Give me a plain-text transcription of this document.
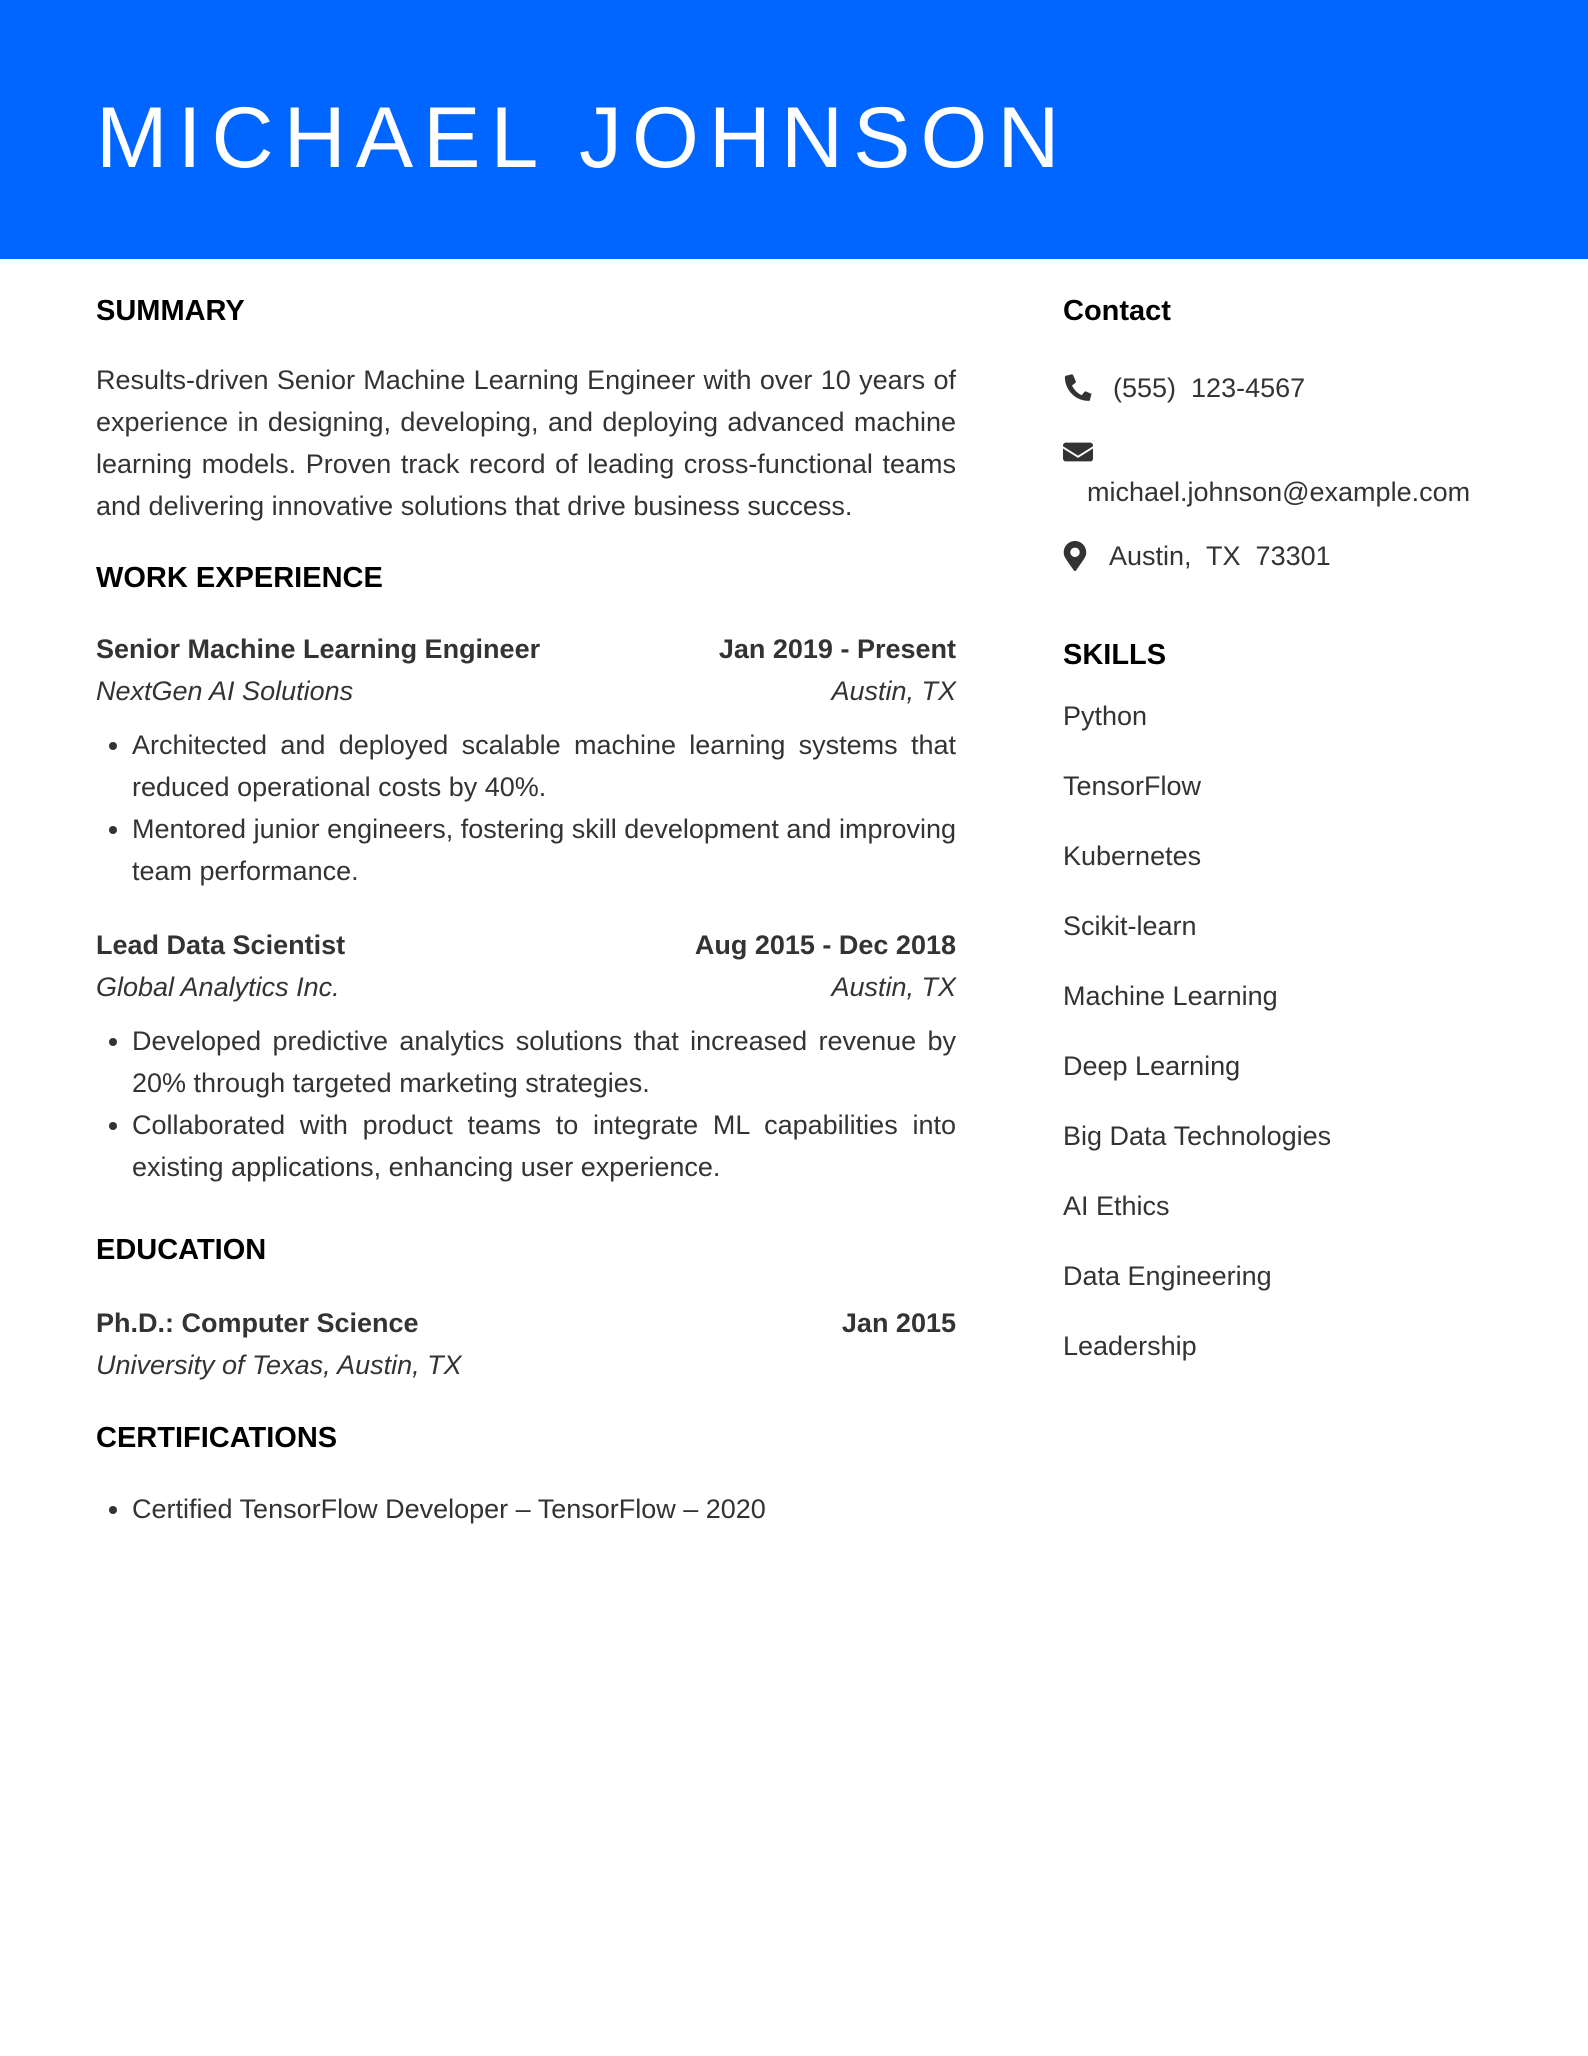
MICHAEL JOHNSON
SUMMARY
Results-driven Senior Machine Learning Engineer with over 10 years of experience in designing, developing, and deploying advanced machine learning models. Proven track record of leading cross-functional teams and delivering innovative solutions that drive business success.
WORK EXPERIENCE
Senior Machine Learning Engineer	Jan 2019 - Present
NextGen AI Solutions	Austin, TX
• Architected and deployed scalable machine learning systems that reduced operational costs by 40%.
• Mentored junior engineers, fostering skill development and improving team performance.
Lead Data Scientist	Aug 2015 - Dec 2018
Global Analytics Inc.	Austin, TX
• Developed predictive analytics solutions that increased revenue by 20% through targeted marketing strategies.
• Collaborated with product teams to integrate ML capabilities into existing applications, enhancing user experience.
EDUCATION
Ph.D.: Computer Science	Jan 2015
University of Texas, Austin, TX
CERTIFICATIONS
• Certified TensorFlow Developer – TensorFlow – 2020
Contact
(555)  123-4567
michael.johnson@example.com
Austin,  TX  73301
SKILLS
Python
TensorFlow
Kubernetes
Scikit-learn
Machine Learning
Deep Learning
Big Data Technologies
AI Ethics
Data Engineering
Leadership
